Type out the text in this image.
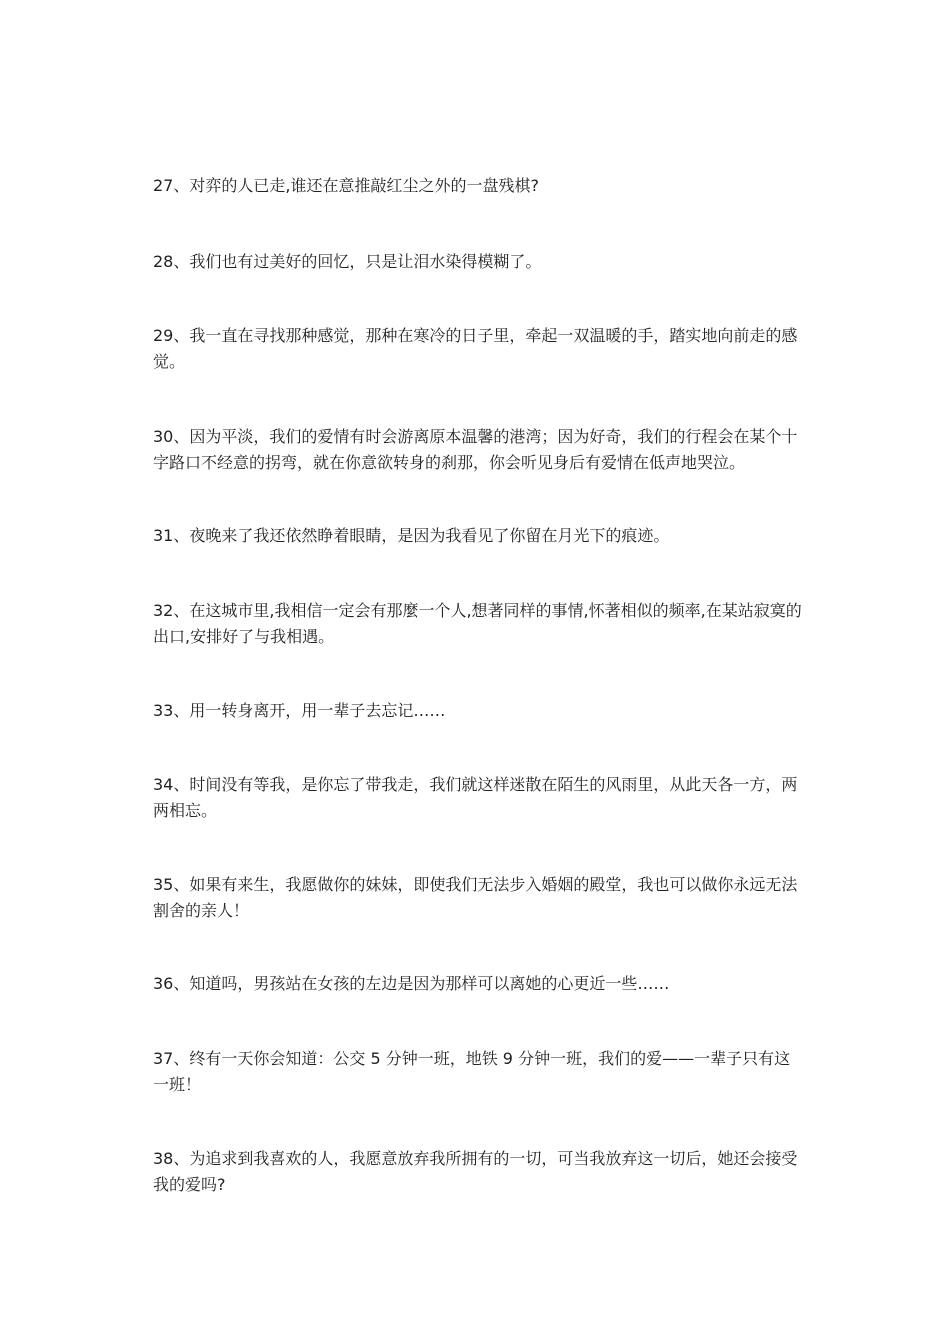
27、对弈的人已走,谁还在意推敲红尘之外的一盘残棋?

28、我们也有过美好的回忆，只是让泪水染得模糊了。

29、我一直在寻找那种感觉，那种在寒冷的日子里，牵起一双温暖的手，踏实地向前走的感觉。

30、因为平淡，我们的爱情有时会游离原本温馨的港湾；因为好奇，我们的行程会在某个十字路口不经意的拐弯，就在你意欲转身的刹那，你会听见身后有爱情在低声地哭泣。

31、夜晚来了我还依然睁着眼睛，是因为我看见了你留在月光下的痕迹。

32、在这城市里,我相信一定会有那麼一个人,想著同样的事情,怀著相似的频率,在某站寂寞的出口,安排好了与我相遇。

33、用一转身离开，用一辈子去忘记……

34、时间没有等我，是你忘了带我走，我们就这样迷散在陌生的风雨里，从此天各一方，两两相忘。

35、如果有来生，我愿做你的妹妹，即使我们无法步入婚姻的殿堂，我也可以做你永远无法割舍的亲人！

36、知道吗，男孩站在女孩的左边是因为那样可以离她的心更近一些……

37、终有一天你会知道：公交 5 分钟一班，地铁 9 分钟一班，我们的爱——一辈子只有这一班！

38、为追求到我喜欢的人，我愿意放弃我所拥有的一切，可当我放弃这一切后，她还会接受我的爱吗?
